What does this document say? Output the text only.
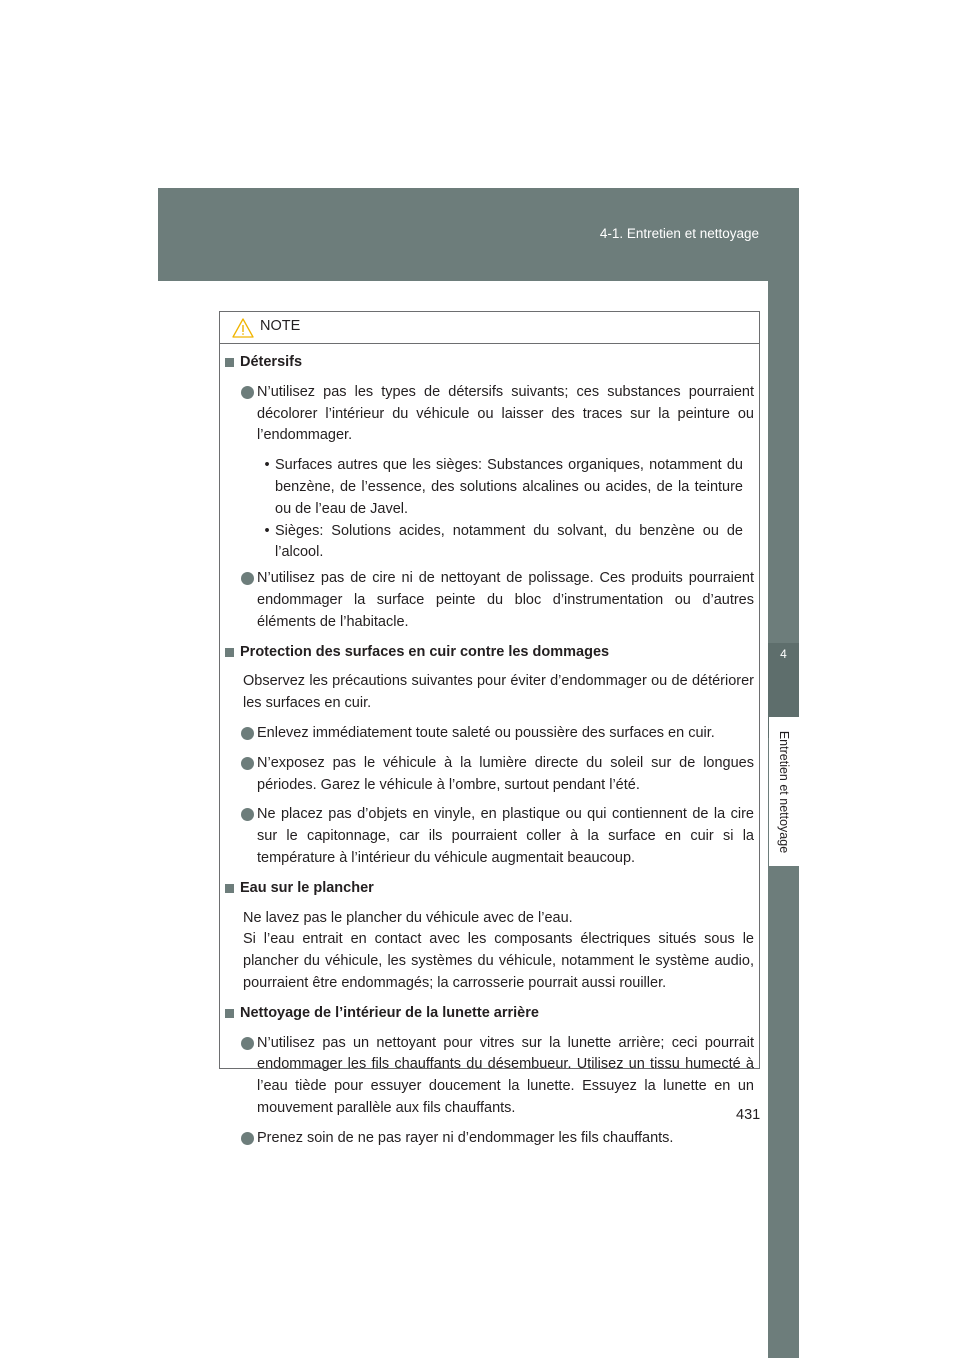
4-1. Entretien et nettoyage
4
Entretien et nettoyage
NOTE
Détersifs
N’utilisez pas les types de détersifs suivants; ces substances pourraient décolorer l’intérieur du véhicule ou laisser des traces sur la peinture ou l’endommager.
• Surfaces autres que les sièges: Substances organiques, notamment du benzène, de l’essence, des solutions alcalines ou acides, de la teinture ou de l’eau de Javel.
• Sièges: Solutions acides, notamment du solvant, du benzène ou de l’alcool.
N’utilisez pas de cire ni de nettoyant de polissage. Ces produits pourraient endommager la surface peinte du bloc d’instrumentation ou d’autres éléments de l’habitacle.
Protection des surfaces en cuir contre les dommages
Observez les précautions suivantes pour éviter d’endommager ou de détériorer les surfaces en cuir.
Enlevez immédiatement toute saleté ou poussière des surfaces en cuir.
N’exposez pas le véhicule à la lumière directe du soleil sur de longues périodes. Garez le véhicule à l’ombre, surtout pendant l’été.
Ne placez pas d’objets en vinyle, en plastique ou qui contiennent de la cire sur le capitonnage, car ils pourraient coller à la surface en cuir si la température à l’intérieur du véhicule augmentait beaucoup.
Eau sur le plancher
Ne lavez pas le plancher du véhicule avec de l’eau.
Si l’eau entrait en contact avec les composants électriques situés sous le plancher du véhicule, les systèmes du véhicule, notamment le système audio, pourraient être endommagés; la carrosserie pourrait aussi rouiller.
Nettoyage de l’intérieur de la lunette arrière
N’utilisez pas un nettoyant pour vitres sur la lunette arrière; ceci pourrait endommager les fils chauffants du désembueur. Utilisez un tissu humecté à l’eau tiède pour essuyer doucement la lunette. Essuyez la lunette en un mouvement parallèle aux fils chauffants.
Prenez soin de ne pas rayer ni d’endommager les fils chauffants.
431
